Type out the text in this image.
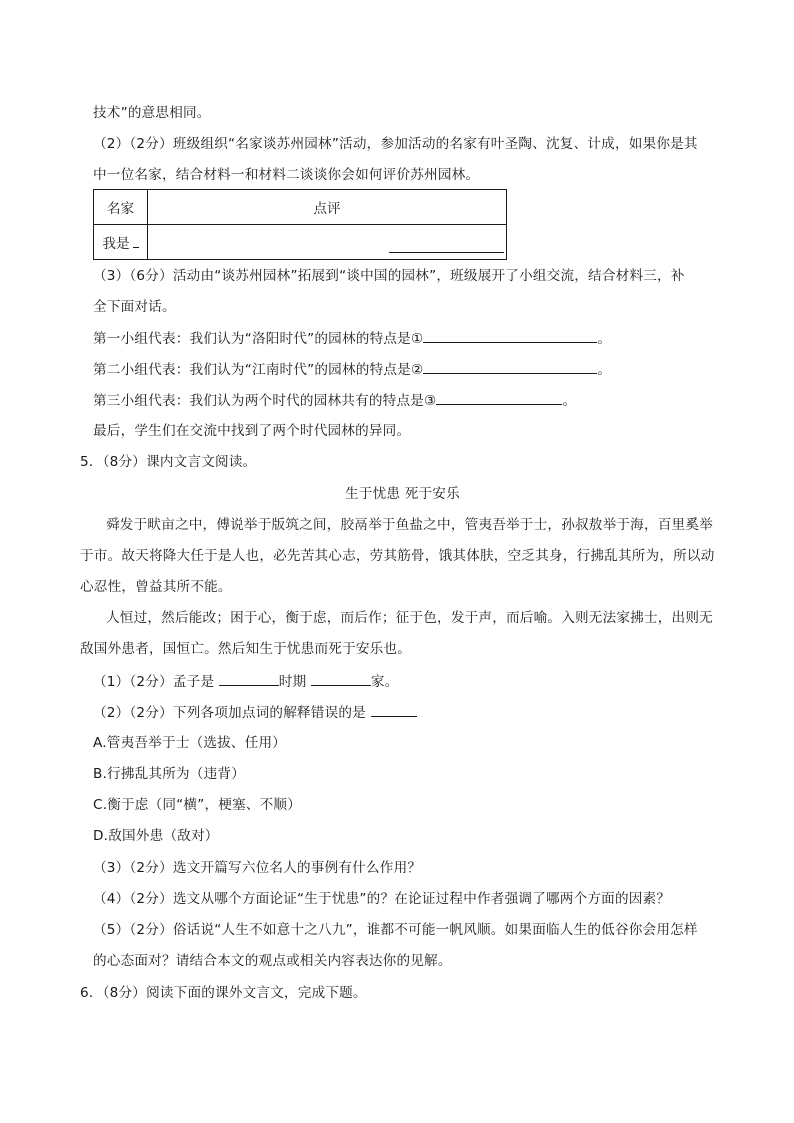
技术”的意思相同。
（2）（2分）班级组织“名家谈苏州园林”活动，参加活动的名家有叶圣陶、沈复、计成，如果你是其
中一位名家，结合材料一和材料二谈谈你会如何评价苏州园林。
名家	点评
我是	
（3）（6分）活动由“谈苏州园林”拓展到“谈中国的园林”，班级展开了小组交流，结合材料三，补
全下面对话。
第一小组代表：我们认为“洛阳时代”的园林的特点是①	。
第二小组代表：我们认为“江南时代”的园林的特点是②	。
第三小组代表：我们认为两个时代的园林共有的特点是③	。
最后，学生们在交流中找到了两个时代园林的异同。
5．（8分）课内文言文阅读。
生于忧患 死于安乐
舜发于畎亩之中，傅说举于版筑之间，胶鬲举于鱼盐之中，管夷吾举于士，孙叔敖举于海，百里奚举
于市。故天将降大任于是人也，必先苦其心志，劳其筋骨，饿其体肤，空乏其身，行拂乱其所为，所以动
心忍性，曾益其所不能。
人恒过，然后能改；困于心，衡于虑，而后作；征于色，发于声，而后喻。入则无法家拂士，出则无
敌国外患者，国恒亡。然后知生于忧患而死于安乐也。
（1）（2分）孟子是	时期	家。
（2）（2分）下列各项加点词的解释错误的是
A.管夷吾举于士（选拔、任用）
B.行拂乱其所为（违背）
C.衡于虑（同“横”，梗塞、不顺）
D.敌国外患（敌对）
（3）（2分）选文开篇写六位名人的事例有什么作用？
（4）（2分）选文从哪个方面论证“生于忧患”的？在论证过程中作者强调了哪两个方面的因素？
（5）（2分）俗话说“人生不如意十之八九”，谁都不可能一帆风顺。如果面临人生的低谷你会用怎样
的心态面对？请结合本文的观点或相关内容表达你的见解。
6．（8分）阅读下面的课外文言文，完成下题。
